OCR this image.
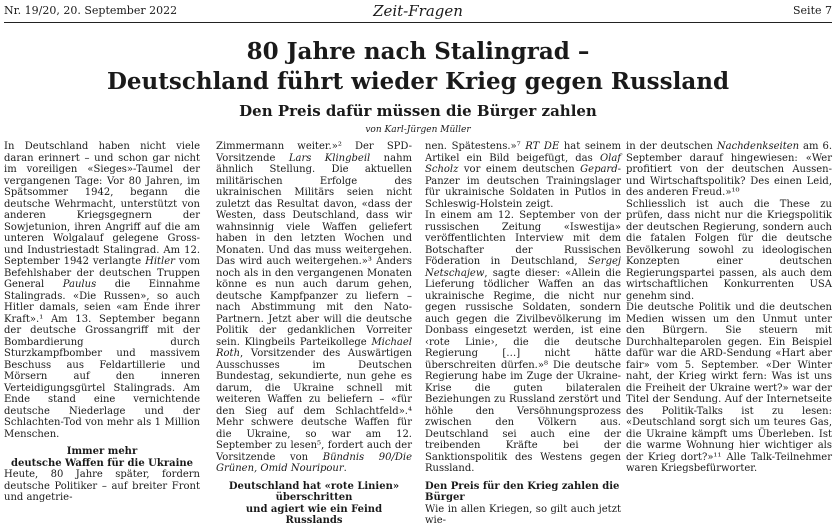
Nr. 19/20, 20. September 2022	Zeit-Fragen	Seite 7
80 Jahre nach Stalingrad –
Deutschland führt wieder Krieg gegen Russland
Den Preis dafür müssen die Bürger zahlen
von Karl-Jürgen Müller

In Deutschland haben nicht viele daran erinnert – und schon gar nicht im voreiligen «Sieges»-Taumel der vergangenen Tage: Vor 80 Jahren, im Spätsommer 1942, begann die deutsche Wehrmacht, unterstützt von anderen Kriegsgegnern der Sowjetunion, ihren Angriff auf die am unteren Wolgalauf gelegene Gross- und Industriestadt Stalingrad. Am 12. September 1942 verlangte Hitler vom Befehlshaber der deutschen Truppen General Paulus die Einnahme Stalingrads. «Die Russen», so auch Hitler damals, seien «am Ende ihrer Kraft».¹ Am 13. September begann der deutsche Grossangriff mit der Bombardierung durch Sturzkampfbomber und massivem Beschuss aus Feldartillerie und Mörsern auf den inneren Verteidigungsgürtel Stalingrads. Am Ende stand eine vernichtende deutsche Niederlage und der Schlachten-Tod von mehr als 1 Million Menschen.

Immer mehr
deutsche Waffen für die Ukraine

Heute, 80 Jahre später, fordern deutsche Politiker – auf breiter Front und angetrie-

Zimmermann weiter.»² Der SPD-Vorsitzende Lars Klingbeil nahm ähnlich Stellung. Die aktuellen militärischen Erfolge des ukrainischen Militärs seien nicht zuletzt das Resultat davon, «dass der Westen, dass Deutschland, dass wir wahnsinnig viele Waffen geliefert haben in den letzten Wochen und Monaten. Und das muss weitergehen. Das wird auch weitergehen.»³ Anders noch als in den vergangenen Monaten könne es nun auch darum gehen, deutsche Kampfpanzer zu liefern – nach Abstimmung mit den Nato-Partnern. Jetzt aber will die deutsche Politik der gedanklichen Vorreiter sein. Klingbeils Parteikollege Michael Roth, Vorsitzender des Auswärtigen Ausschusses im Deutschen Bundestag, sekundierte, nun gehe es darum, die Ukraine schnell mit weiteren Waffen zu beliefern – «für den Sieg auf dem Schlachtfeld».⁴ Mehr schwere deutsche Waffen für die Ukraine, so war am 12. September zu lesen⁵, fordert auch der Vorsitzende von Bündnis 90/Die Grünen, Omid Nouripour.

Deutschland hat «rote Linien» überschritten
und agiert wie ein Feind Russlands

nen. Spätestens.»⁷ RT DE hat seinem Artikel ein Bild beigefügt, das Olaf Scholz vor einem deutschen Gepard-Panzer im deutschen Trainingslager für ukrainische Soldaten in Putlos in Schleswig-Holstein zeigt.

In einem am 12. September von der russischen Zeitung «Iswestija» veröffentlichten Interview mit dem Botschafter der Russischen Föderation in Deutschland, Sergej Netschajew, sagte dieser: «Allein die Lieferung tödlicher Waffen an das ukrainische Regime, die nicht nur gegen russische Soldaten, sondern auch gegen die Zivilbevölkerung im Donbass eingesetzt werden, ist eine ‹rote Linie›, die die deutsche Regierung […] nicht hätte überschreiten dürfen.»⁸ Die deutsche Regierung habe im Zuge der Ukraine-Krise die guten bilateralen Beziehungen zu Russland zerstört und höhle den Versöhnungsprozess zwischen den Völkern aus. Deutschland sei auch eine der treibenden Kräfte bei der Sanktionspolitik des Westens gegen Russland.

Den Preis für den Krieg zahlen die Bürger

Wie in allen Kriegen, so gilt auch jetzt wie-

in der deutschen Nachdenkseiten am 6. September darauf hingewiesen: «Wer profitiert von der deutschen Aussen- und Wirtschaftspolitik? Des einen Leid, des anderen Freud.»¹⁰

Schliesslich ist auch die These zu prüfen, dass nicht nur die Kriegspolitik der deutschen Regierung, sondern auch die fatalen Folgen für die deutsche Bevölkerung sowohl zu ideologischen Konzepten einer deutschen Regierungspartei passen, als auch dem wirtschaftlichen Konkurrenten USA genehm sind.

Die deutsche Politik und die deutschen Medien wissen um den Unmut unter den Bürgern. Sie steuern mit Durchhalteparolen gegen. Ein Beispiel dafür war die ARD-Sendung «Hart aber fair» vom 5. September. «Der Winter naht, der Krieg wirkt fern: Was ist uns die Freiheit der Ukraine wert?» war der Titel der Sendung. Auf der Internetseite des Politik-Talks ist zu lesen: «Deutschland sorgt sich um teures Gas, die Ukraine kämpft ums Überleben. Ist die warme Wohnung hier wichtiger als der Krieg dort?»¹¹ Alle Talk-Teilnehmer waren Kriegsbefürworter.
